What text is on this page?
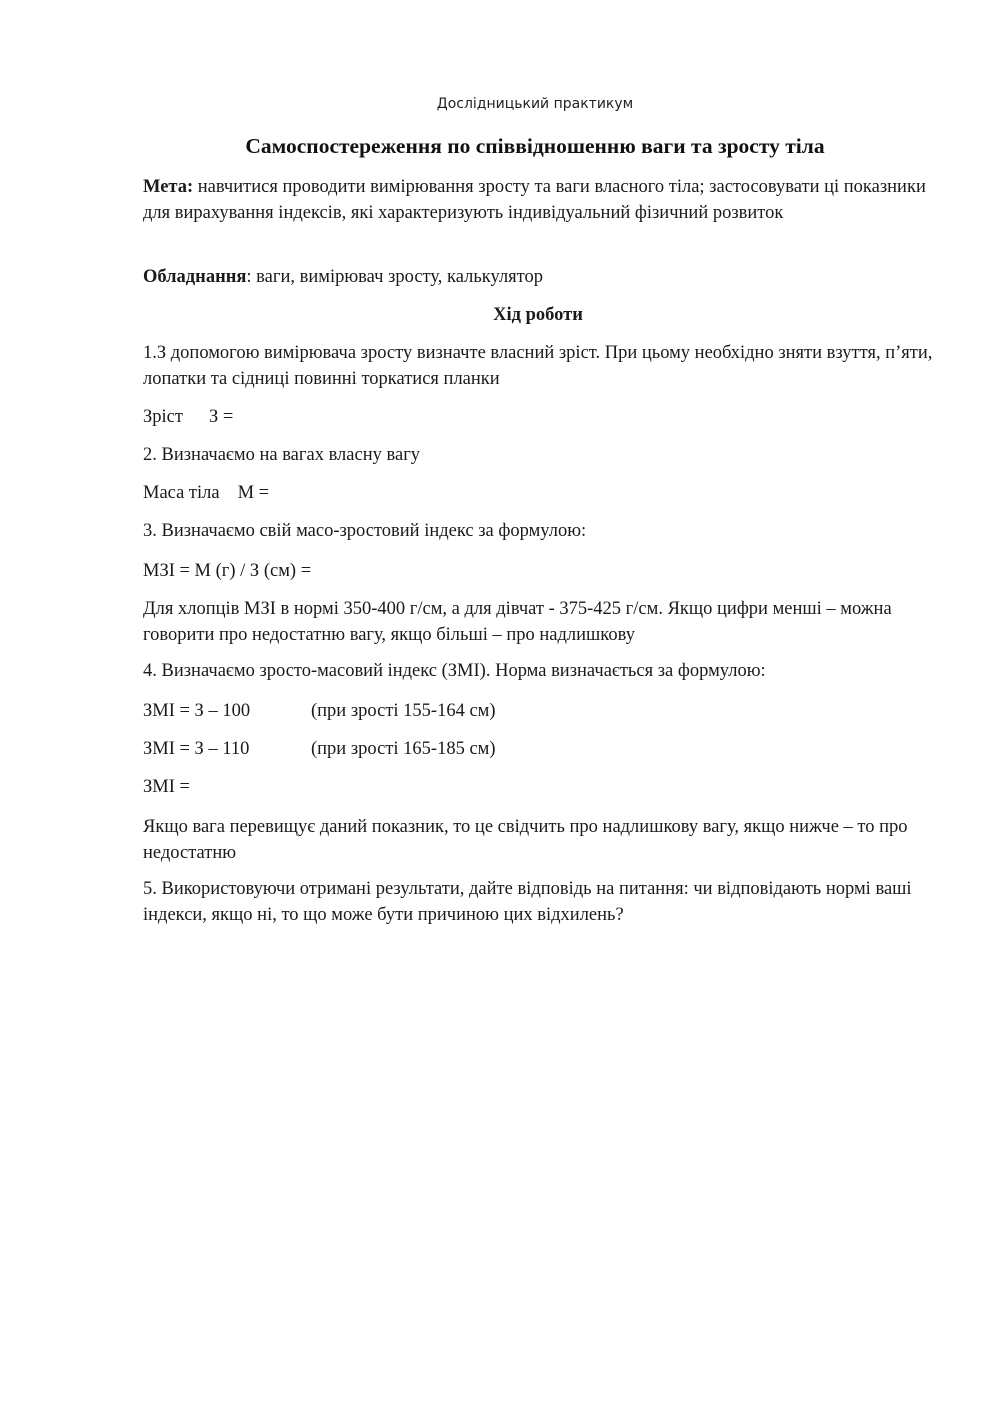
Дослідницький практикум
Самоспостереження по співвідношенню ваги та зросту тіла

Мета: навчитися проводити вимірювання зросту та ваги власного тіла; застосовувати ці показники для вирахування індексів, які характеризують індивідуальний фізичний розвиток

Обладнання: ваги, вимірювач зросту, калькулятор

Хід роботи

1.З допомогою вимірювача зросту визначте власний зріст. При цьому необхідно зняти взуття, п’яти, лопатки та сідниці повинні торкатися планки

Зріст З =

2. Визначаємо на вагах власну вагу

Маса тіла М =

3. Визначаємо свій масо-зростовий індекс за формулою:

МЗІ = М (г) / З (см) =

Для хлопців МЗІ в нормі 350-400 г/см, а для дівчат - 375-425 г/см. Якщо цифри менші – можна говорити про недостатню вагу, якщо більші – про надлишкову

4. Визначаємо зросто-масовий індекс (ЗМІ). Норма визначається за формулою:

ЗМІ = З – 100	(при зрості 155-164 см)

ЗМІ = З – 110	(при зрості 165-185 см)

ЗМІ =

Якщо вага перевищує даний показник, то це свідчить про надлишкову вагу, якщо нижче – то про недостатню

5. Використовуючи отримані результати, дайте відповідь на питання: чи відповідають нормі ваші індекси, якщо ні, то що може бути причиною цих відхилень?
